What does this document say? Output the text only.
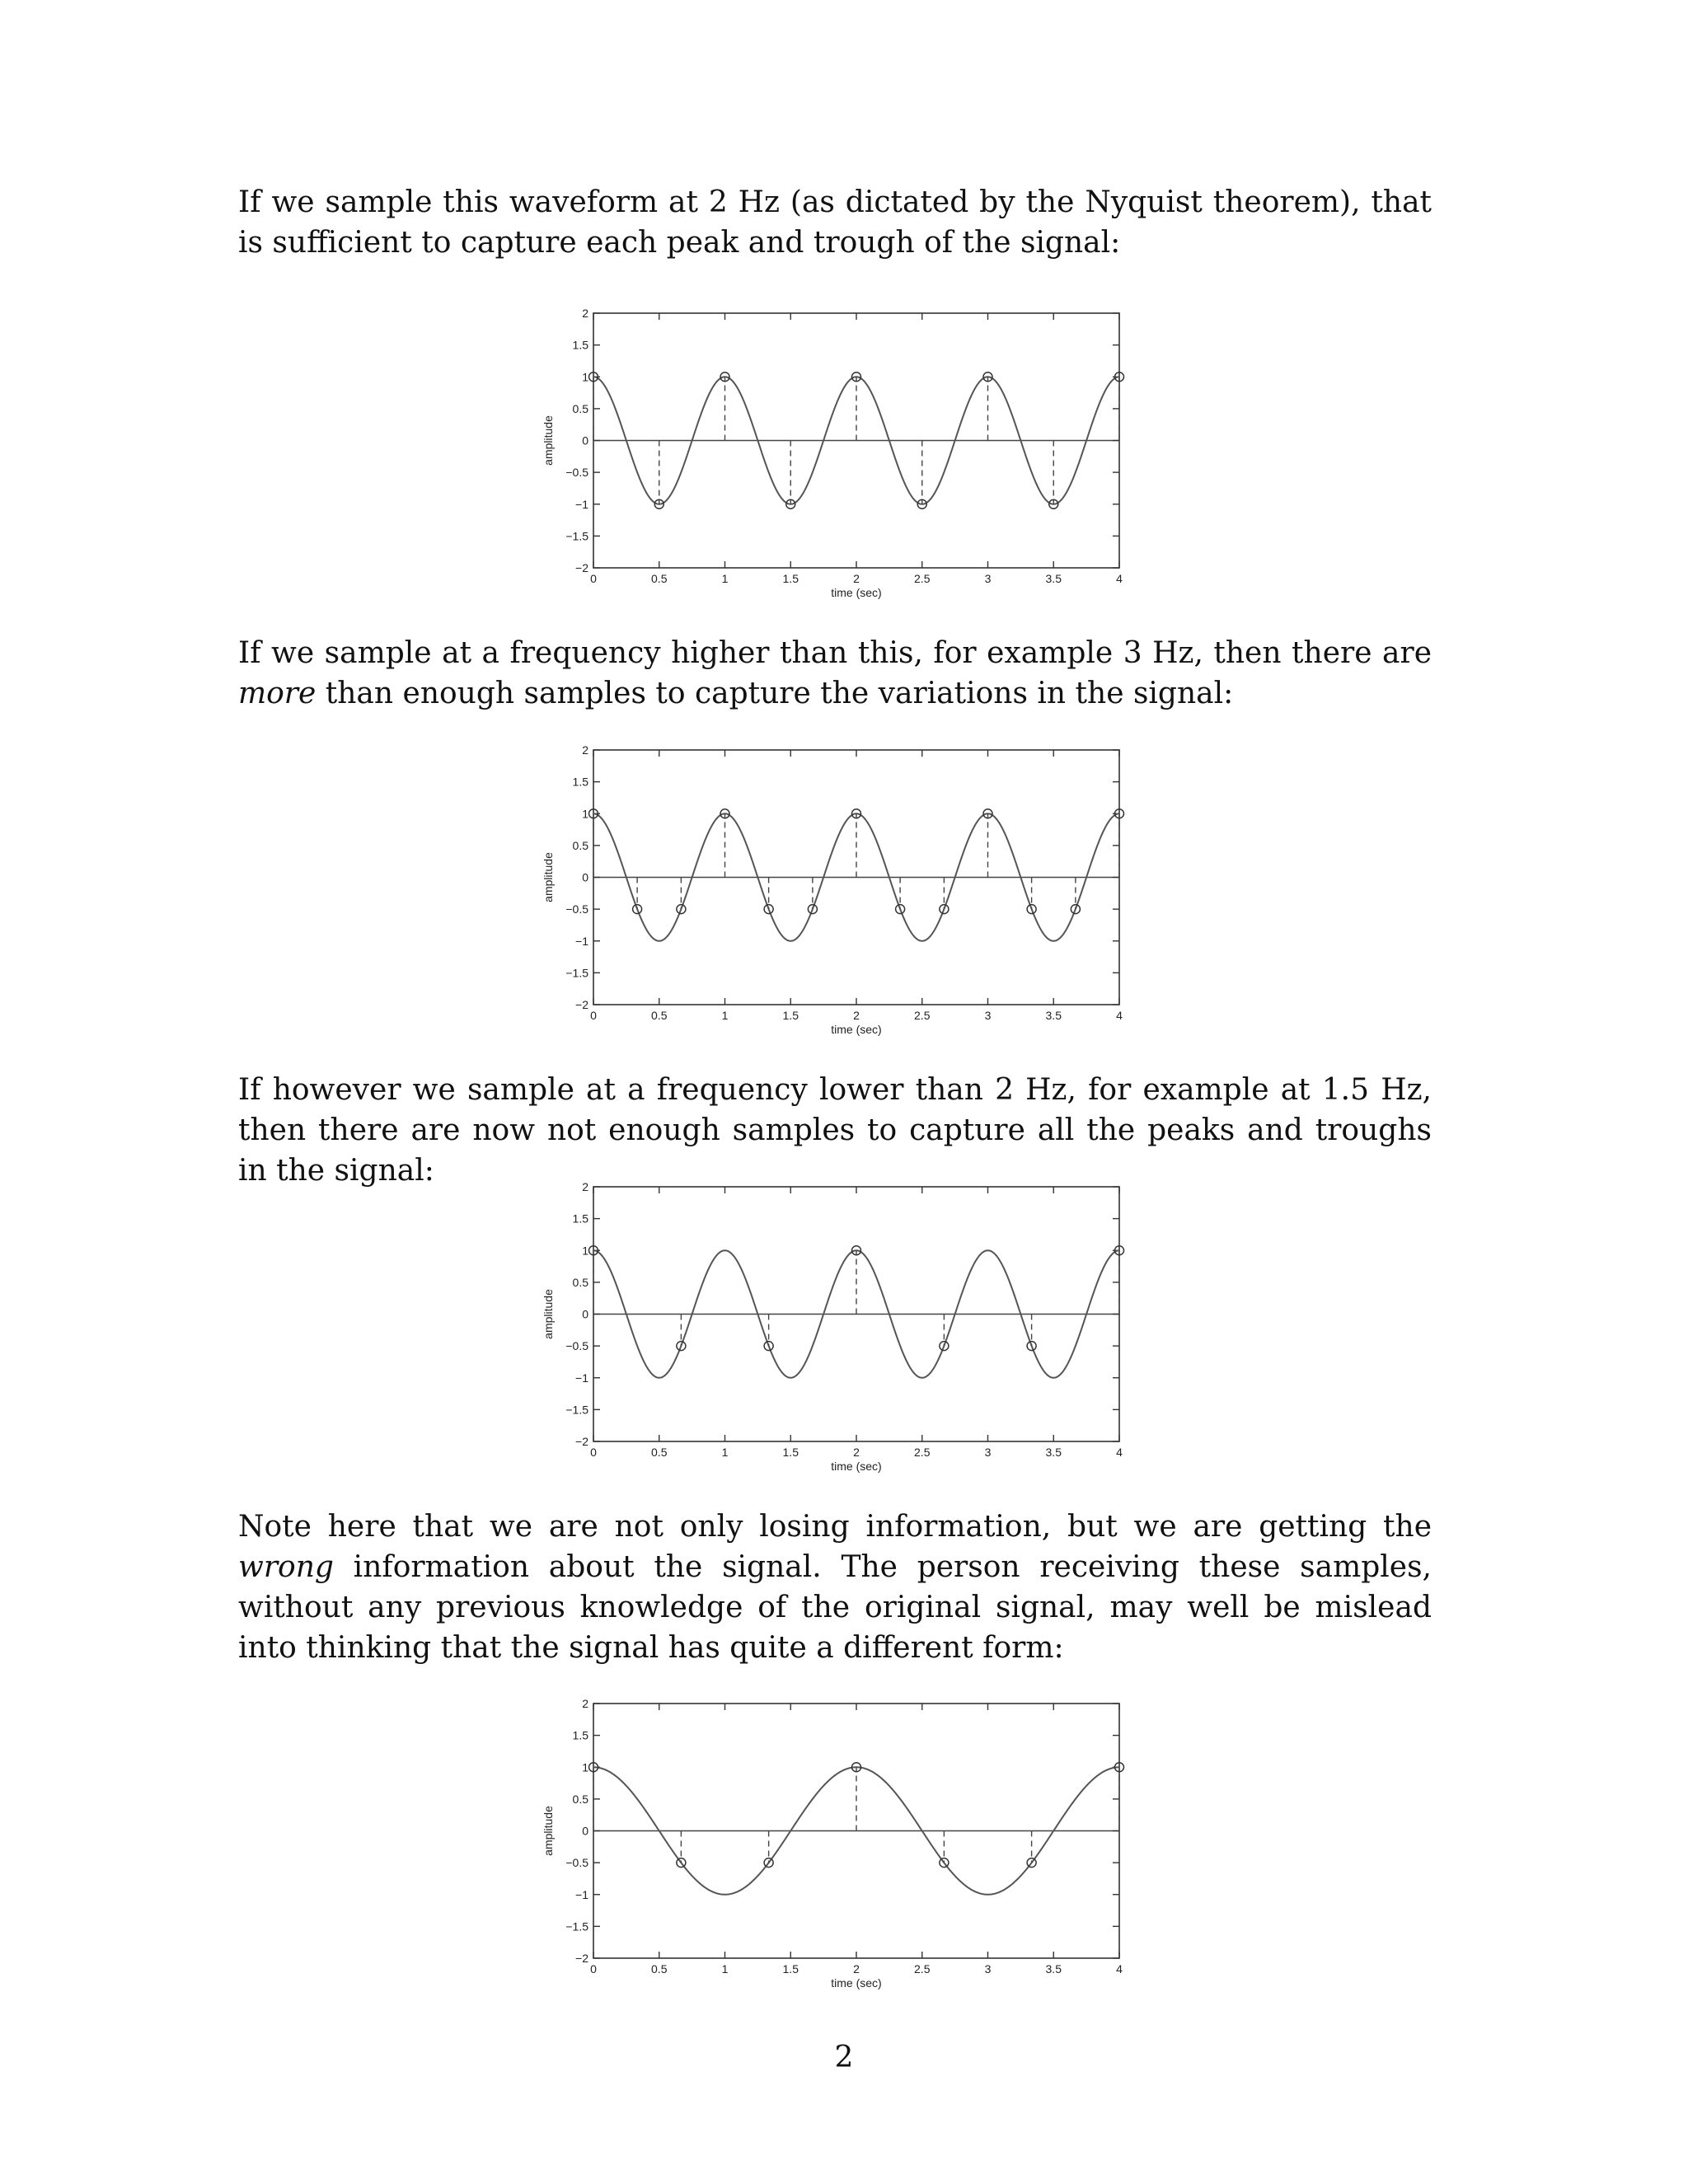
If we sample this waveform at 2 Hz (as dictated by the Nyquist theorem), that is sufficient to capture each peak and trough of the signal:

0	0.5	1	1.5	2	2.5	3	3.5	4
2
1.5
1
0.5
0
−0.5
−1
−1.5
−2
time (sec)
amplitude

If we sample at a frequency higher than this, for example 3 Hz, then there are more than enough samples to capture the variations in the signal:

0	0.5	1	1.5	2	2.5	3	3.5	4
2
1.5
1
0.5
0
−0.5
−1
−1.5
−2
time (sec)
amplitude

If however we sample at a frequency lower than 2 Hz, for example at 1.5 Hz, then there are now not enough samples to capture all the peaks and troughs in the signal:

0	0.5	1	1.5	2	2.5	3	3.5	4
2
1.5
1
0.5
0
−0.5
−1
−1.5
−2
time (sec)
amplitude

Note here that we are not only losing information, but we are getting the wrong information about the signal. The person receiving these samples, without any previous knowledge of the original signal, may well be mislead into thinking that the signal has quite a different form:

0	0.5	1	1.5	2	2.5	3	3.5	4
2
1.5
1
0.5
0
−0.5
−1
−1.5
−2
time (sec)
amplitude
2
